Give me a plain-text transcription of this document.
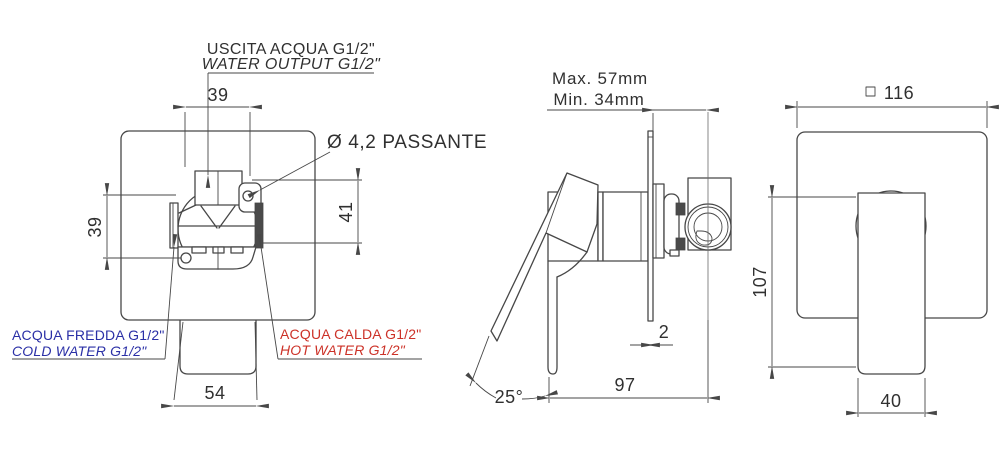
39
USCITA ACQUA G1/2"
WATER OUTPUT G1/2"
Ø 4,2 PASSANTE
41
39
54
ACQUA FREDDA G1/2"
COLD WATER G1/2"
ACQUA CALDA G1/2"
HOT WATER G1/2"
Max. 57mm
Min. 34mm
2
97
25°
116
107
40
